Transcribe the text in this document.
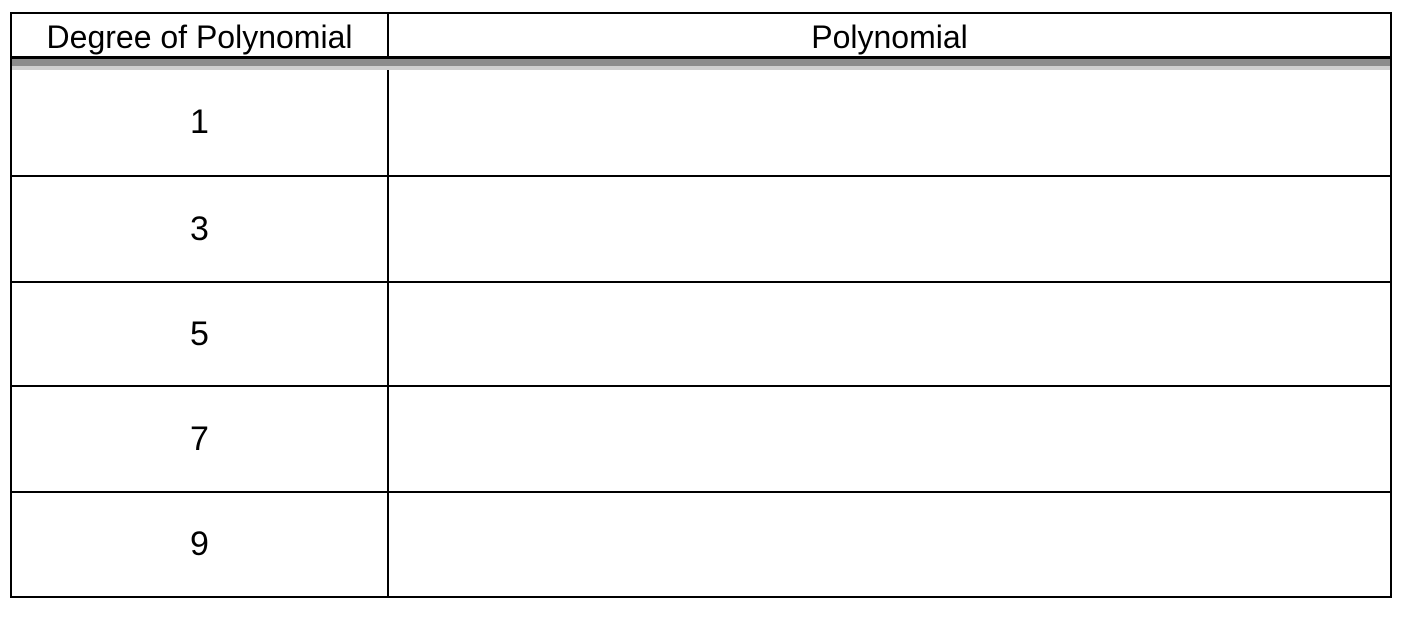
Degree of Polynomial	Polynomial
1
3
5
7
9
